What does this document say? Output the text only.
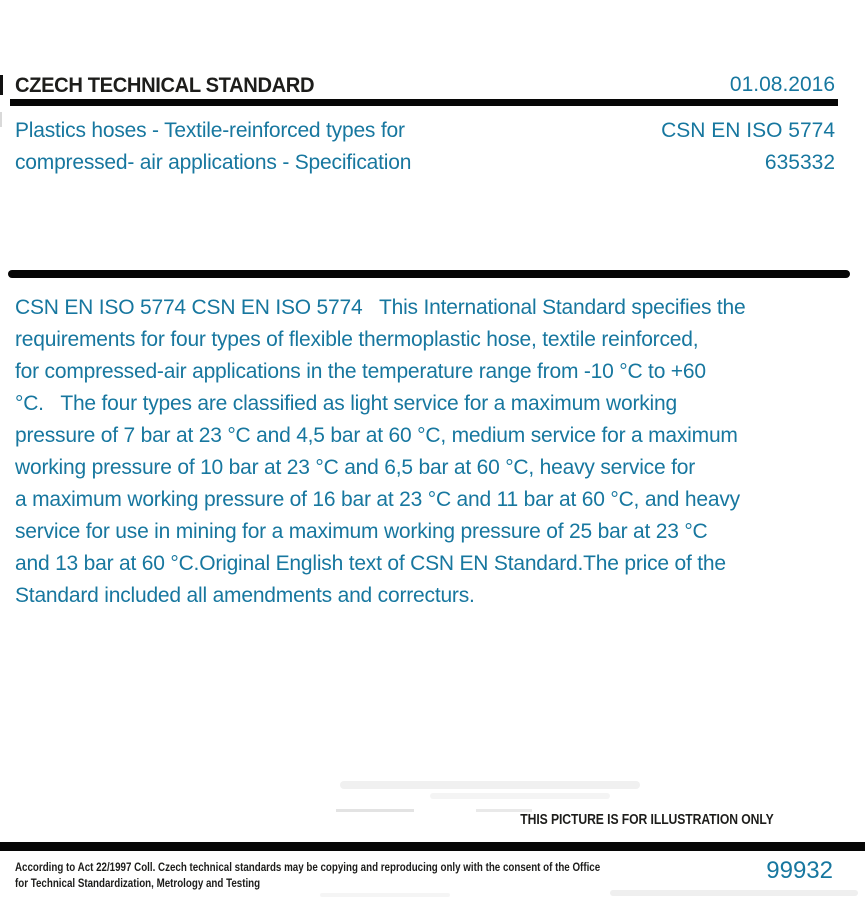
CZECH TECHNICAL STANDARD	01.08.2016
Plastics hoses - Textile-reinforced types for
compressed- air applications - Specification
CSN EN ISO 5774
635332
CSN EN ISO 5774 CSN EN ISO 5774   This International Standard specifies the
requirements for four types of flexible thermoplastic hose, textile reinforced,
for compressed-air applications in the temperature range from -10 °C to +60
°C.   The four types are classified as light service for a maximum working
pressure of 7 bar at 23 °C and 4,5 bar at 60 °C, medium service for a maximum
working pressure of 10 bar at 23 °C and 6,5 bar at 60 °C, heavy service for
a maximum working pressure of 16 bar at 23 °C and 11 bar at 60 °C, and heavy
service for use in mining for a maximum working pressure of 25 bar at 23 °C
and 13 bar at 60 °C.Original English text of CSN EN Standard.The price of the
Standard included all amendments and correcturs.
THIS PICTURE IS FOR ILLUSTRATION ONLY
According to Act 22/1997 Coll. Czech technical standards may be copying and reproducing only with the consent of the Office
for Technical Standardization, Metrology and Testing	99932
